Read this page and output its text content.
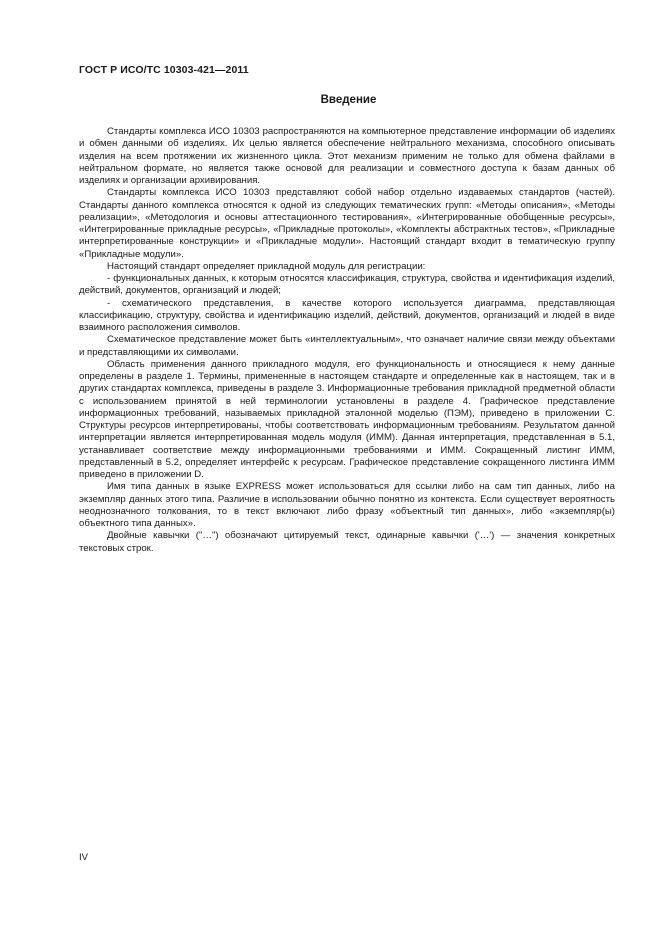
ГОСТ Р ИСО/ТС 10303-421—2011
Введение

Стандарты комплекса ИСО 10303 распространяются на компьютерное представление информации об изделиях и обмен данными об изделиях. Их целью является обеспечение нейтрального механизма, способного описывать изделия на всем протяжении их жизненного цикла. Этот механизм применим не только для обмена файлами в нейтральном формате, но является также основой для реализации и совместного доступа к базам данных об изделиях и организации архивирования.

Стандарты комплекса ИСО 10303 представляют собой набор отдельно издаваемых стандартов (частей). Стандарты данного комплекса относятся к одной из следующих тематических групп: «Методы описания», «Методы реализации», «Методология и основы аттестационного тестирования», «Интегрированные обобщенные ресурсы», «Интегрированные прикладные ресурсы», «Прикладные протоколы», «Комплекты абстрактных тестов», «Прикладные интерпретированные конструкции» и «Прикладные модули». Настоящий стандарт входит в тематическую группу «Прикладные модули».

Настоящий стандарт определяет прикладной модуль для регистрации:

- функциональных данных, к которым относятся классификация, структура, свойства и идентификация изделий, действий, документов, организаций и людей;

- схематического представления, в качестве которого используется диаграмма, представляющая классификацию, структуру, свойства и идентификацию изделий, действий, документов, организаций и людей в виде взаимного расположения символов.

Схематическое представление может быть «интеллектуальным», что означает наличие связи между объектами и представляющими их символами.

Область применения данного прикладного модуля, его функциональность и относящиеся к нему данные определены в разделе 1. Термины, примененные в настоящем стандарте и определенные как в настоящем, так и в других стандартах комплекса, приведены в разделе 3. Информационные требования прикладной предметной области с использованием принятой в ней терминологии установлены в разделе 4. Графическое представление информационных требований, называемых прикладной эталонной моделью (ПЭМ), приведено в приложении С. Структуры ресурсов интерпретированы, чтобы соответствовать информационным требованиям. Результатом данной интерпретации является интерпретированная модель модуля (ИММ). Данная интерпретация, представленная в 5.1, устанавливает соответствие между информационными требованиями и ИММ. Сокращенный листинг ИММ, представленный в 5.2, определяет интерфейс к ресурсам. Графическое представление сокращенного листинга ИММ приведено в приложении D.

Имя типа данных в языке EXPRESS может использоваться для ссылки либо на сам тип данных, либо на экземпляр данных этого типа. Различие в использовании обычно понятно из контекста. Если существует вероятность неоднозначного толкования, то в текст включают либо фразу «объектный тип данных», либо «экземпляр(ы) объектного типа данных».

Двойные кавычки ("…") обозначают цитируемый текст, одинарные кавычки ('…') — значения конкретных текстовых строк.

IV
